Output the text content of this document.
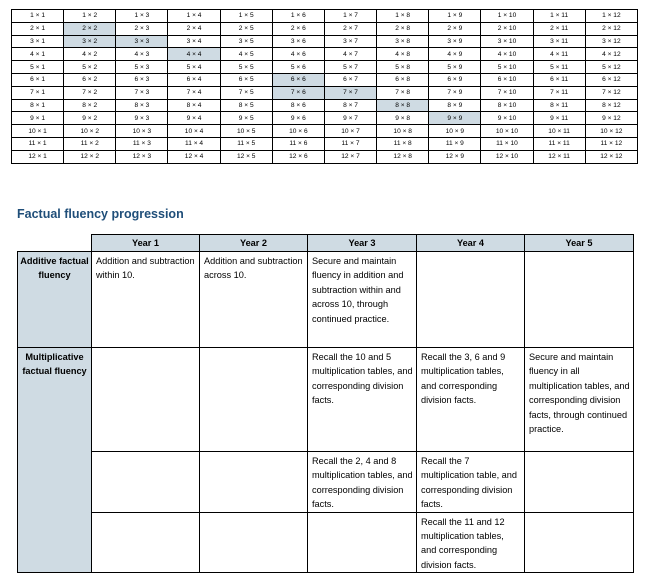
1 × 1	1 × 2	1 × 3	1 × 4	1 × 5	1 × 6	1 × 7	1 × 8	1 × 9	1 × 10	1 × 11	1 × 12
2 × 1	2 × 2	2 × 3	2 × 4	2 × 5	2 × 6	2 × 7	2 × 8	2 × 9	2 × 10	2 × 11	2 × 12
3 × 1	3 × 2	3 × 3	3 × 4	3 × 5	3 × 6	3 × 7	3 × 8	3 × 9	3 × 10	3 × 11	3 × 12
4 × 1	4 × 2	4 × 3	4 × 4	4 × 5	4 × 6	4 × 7	4 × 8	4 × 9	4 × 10	4 × 11	4 × 12
5 × 1	5 × 2	5 × 3	5 × 4	5 × 5	5 × 6	5 × 7	5 × 8	5 × 9	5 × 10	5 × 11	5 × 12
6 × 1	6 × 2	6 × 3	6 × 4	6 × 5	6 × 6	6 × 7	6 × 8	6 × 9	6 × 10	6 × 11	6 × 12
7 × 1	7 × 2	7 × 3	7 × 4	7 × 5	7 × 6	7 × 7	7 × 8	7 × 9	7 × 10	7 × 11	7 × 12
8 × 1	8 × 2	8 × 3	8 × 4	8 × 5	8 × 6	8 × 7	8 × 8	8 × 9	8 × 10	8 × 11	8 × 12
9 × 1	9 × 2	9 × 3	9 × 4	9 × 5	9 × 6	9 × 7	9 × 8	9 × 9	9 × 10	9 × 11	9 × 12
10 × 1	10 × 2	10 × 3	10 × 4	10 × 5	10 × 6	10 × 7	10 × 8	10 × 9	10 × 10	10 × 11	10 × 12
11 × 1	11 × 2	11 × 3	11 × 4	11 × 5	11 × 6	11 × 7	11 × 8	11 × 9	11 × 10	11 × 11	11 × 12
12 × 1	12 × 2	12 × 3	12 × 4	12 × 5	12 × 6	12 × 7	12 × 8	12 × 9	12 × 10	12 × 11	12 × 12
Factual fluency progression
	Year 1	Year 2	Year 3	Year 4	Year 5
Additive factual fluency	Addition and subtraction within 10.	Addition and subtraction across 10.	Secure and maintain fluency in addition and subtraction within and across 10, through continued practice.		
Multiplicative factual fluency			Recall the 10 and 5 multiplication tables, and corresponding division facts.	Recall the 3, 6 and 9 multiplication tables, and corresponding division facts.	Secure and maintain fluency in all multiplication tables, and corresponding division facts, through continued practice.
			Recall the 2, 4 and 8 multiplication tables, and corresponding division facts.	Recall the 7 multiplication table, and corresponding division facts.	
				Recall the 11 and 12 multiplication tables, and corresponding division facts.	
